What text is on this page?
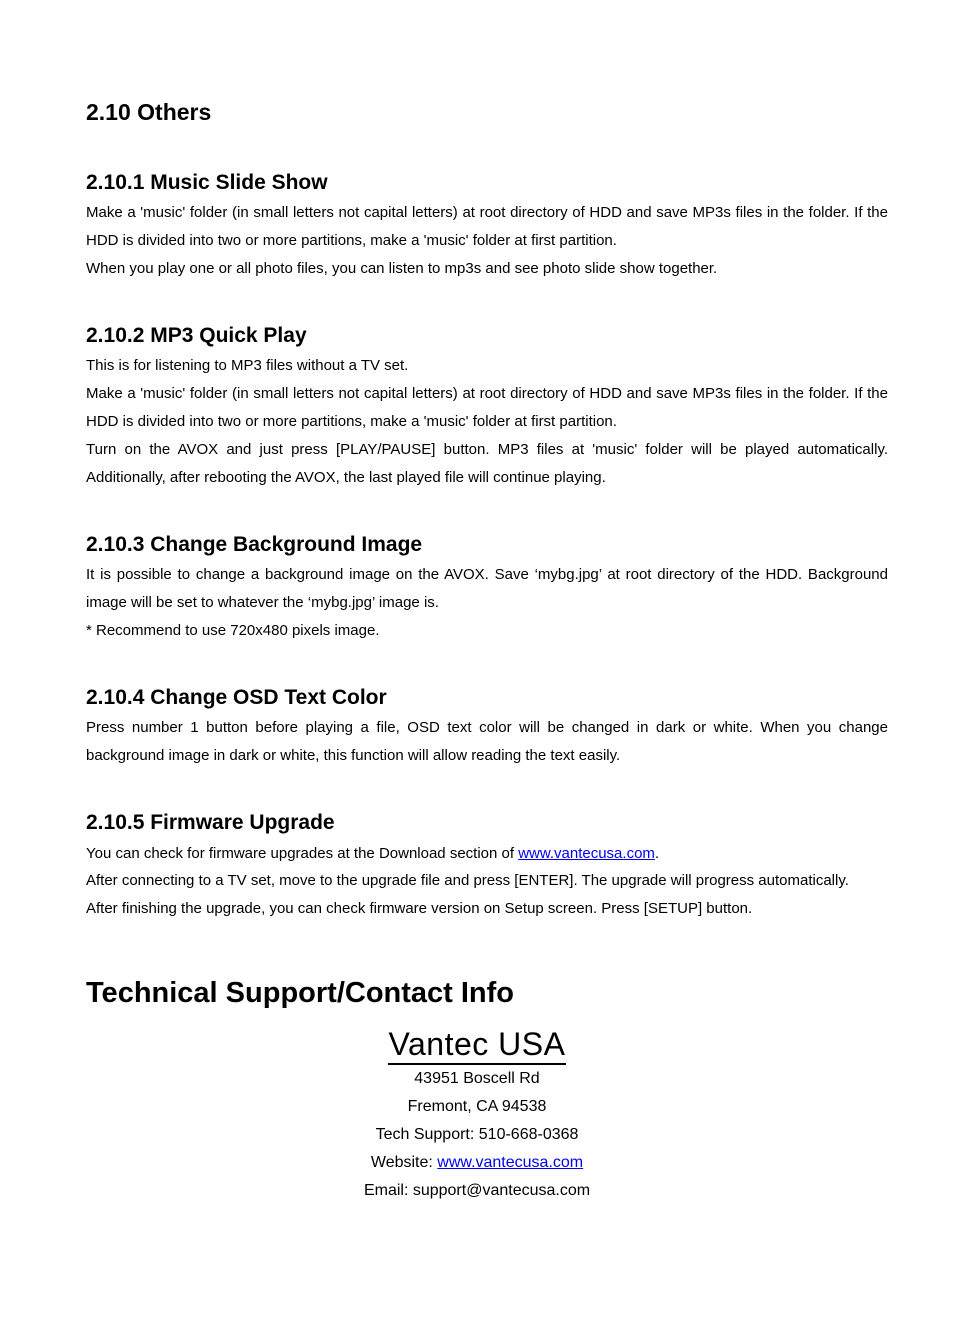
2.10 Others
2.10.1 Music Slide Show

Make a 'music' folder (in small letters not capital letters) at root directory of HDD and save MP3s files in the folder. If the HDD is divided into two or more partitions, make a 'music' folder at first partition.

When you play one or all photo files, you can listen to mp3s and see photo slide show together.

2.10.2 MP3 Quick Play

This is for listening to MP3 files without a TV set.

Make a 'music' folder (in small letters not capital letters) at root directory of HDD and save MP3s files in the folder. If the HDD is divided into two or more partitions, make a 'music' folder at first partition.

Turn on the AVOX and just press [PLAY/PAUSE] button. MP3 files at 'music' folder will be played automatically. Additionally, after rebooting the AVOX, the last played file will continue playing.

2.10.3 Change Background Image

It is possible to change a background image on the AVOX. Save ‘mybg.jpg’ at root directory of the HDD. Background image will be set to whatever the ‘mybg.jpg’ image is.

* Recommend to use 720x480 pixels image.

2.10.4 Change OSD Text Color

Press number 1 button before playing a file, OSD text color will be changed in dark or white. When you change background image in dark or white, this function will allow reading the text easily.

2.10.5 Firmware Upgrade

You can check for firmware upgrades at the Download section of www.vantecusa.com.

After connecting to a TV set, move to the upgrade file and press [ENTER]. The upgrade will progress automatically.

After finishing the upgrade, you can check firmware version on Setup screen. Press [SETUP] button.

Technical Support/Contact Info
Vantec USA
43951 Boscell Rd
Fremont, CA 94538
Tech Support: 510-668-0368
Website: www.vantecusa.com
Email: support@vantecusa.com
